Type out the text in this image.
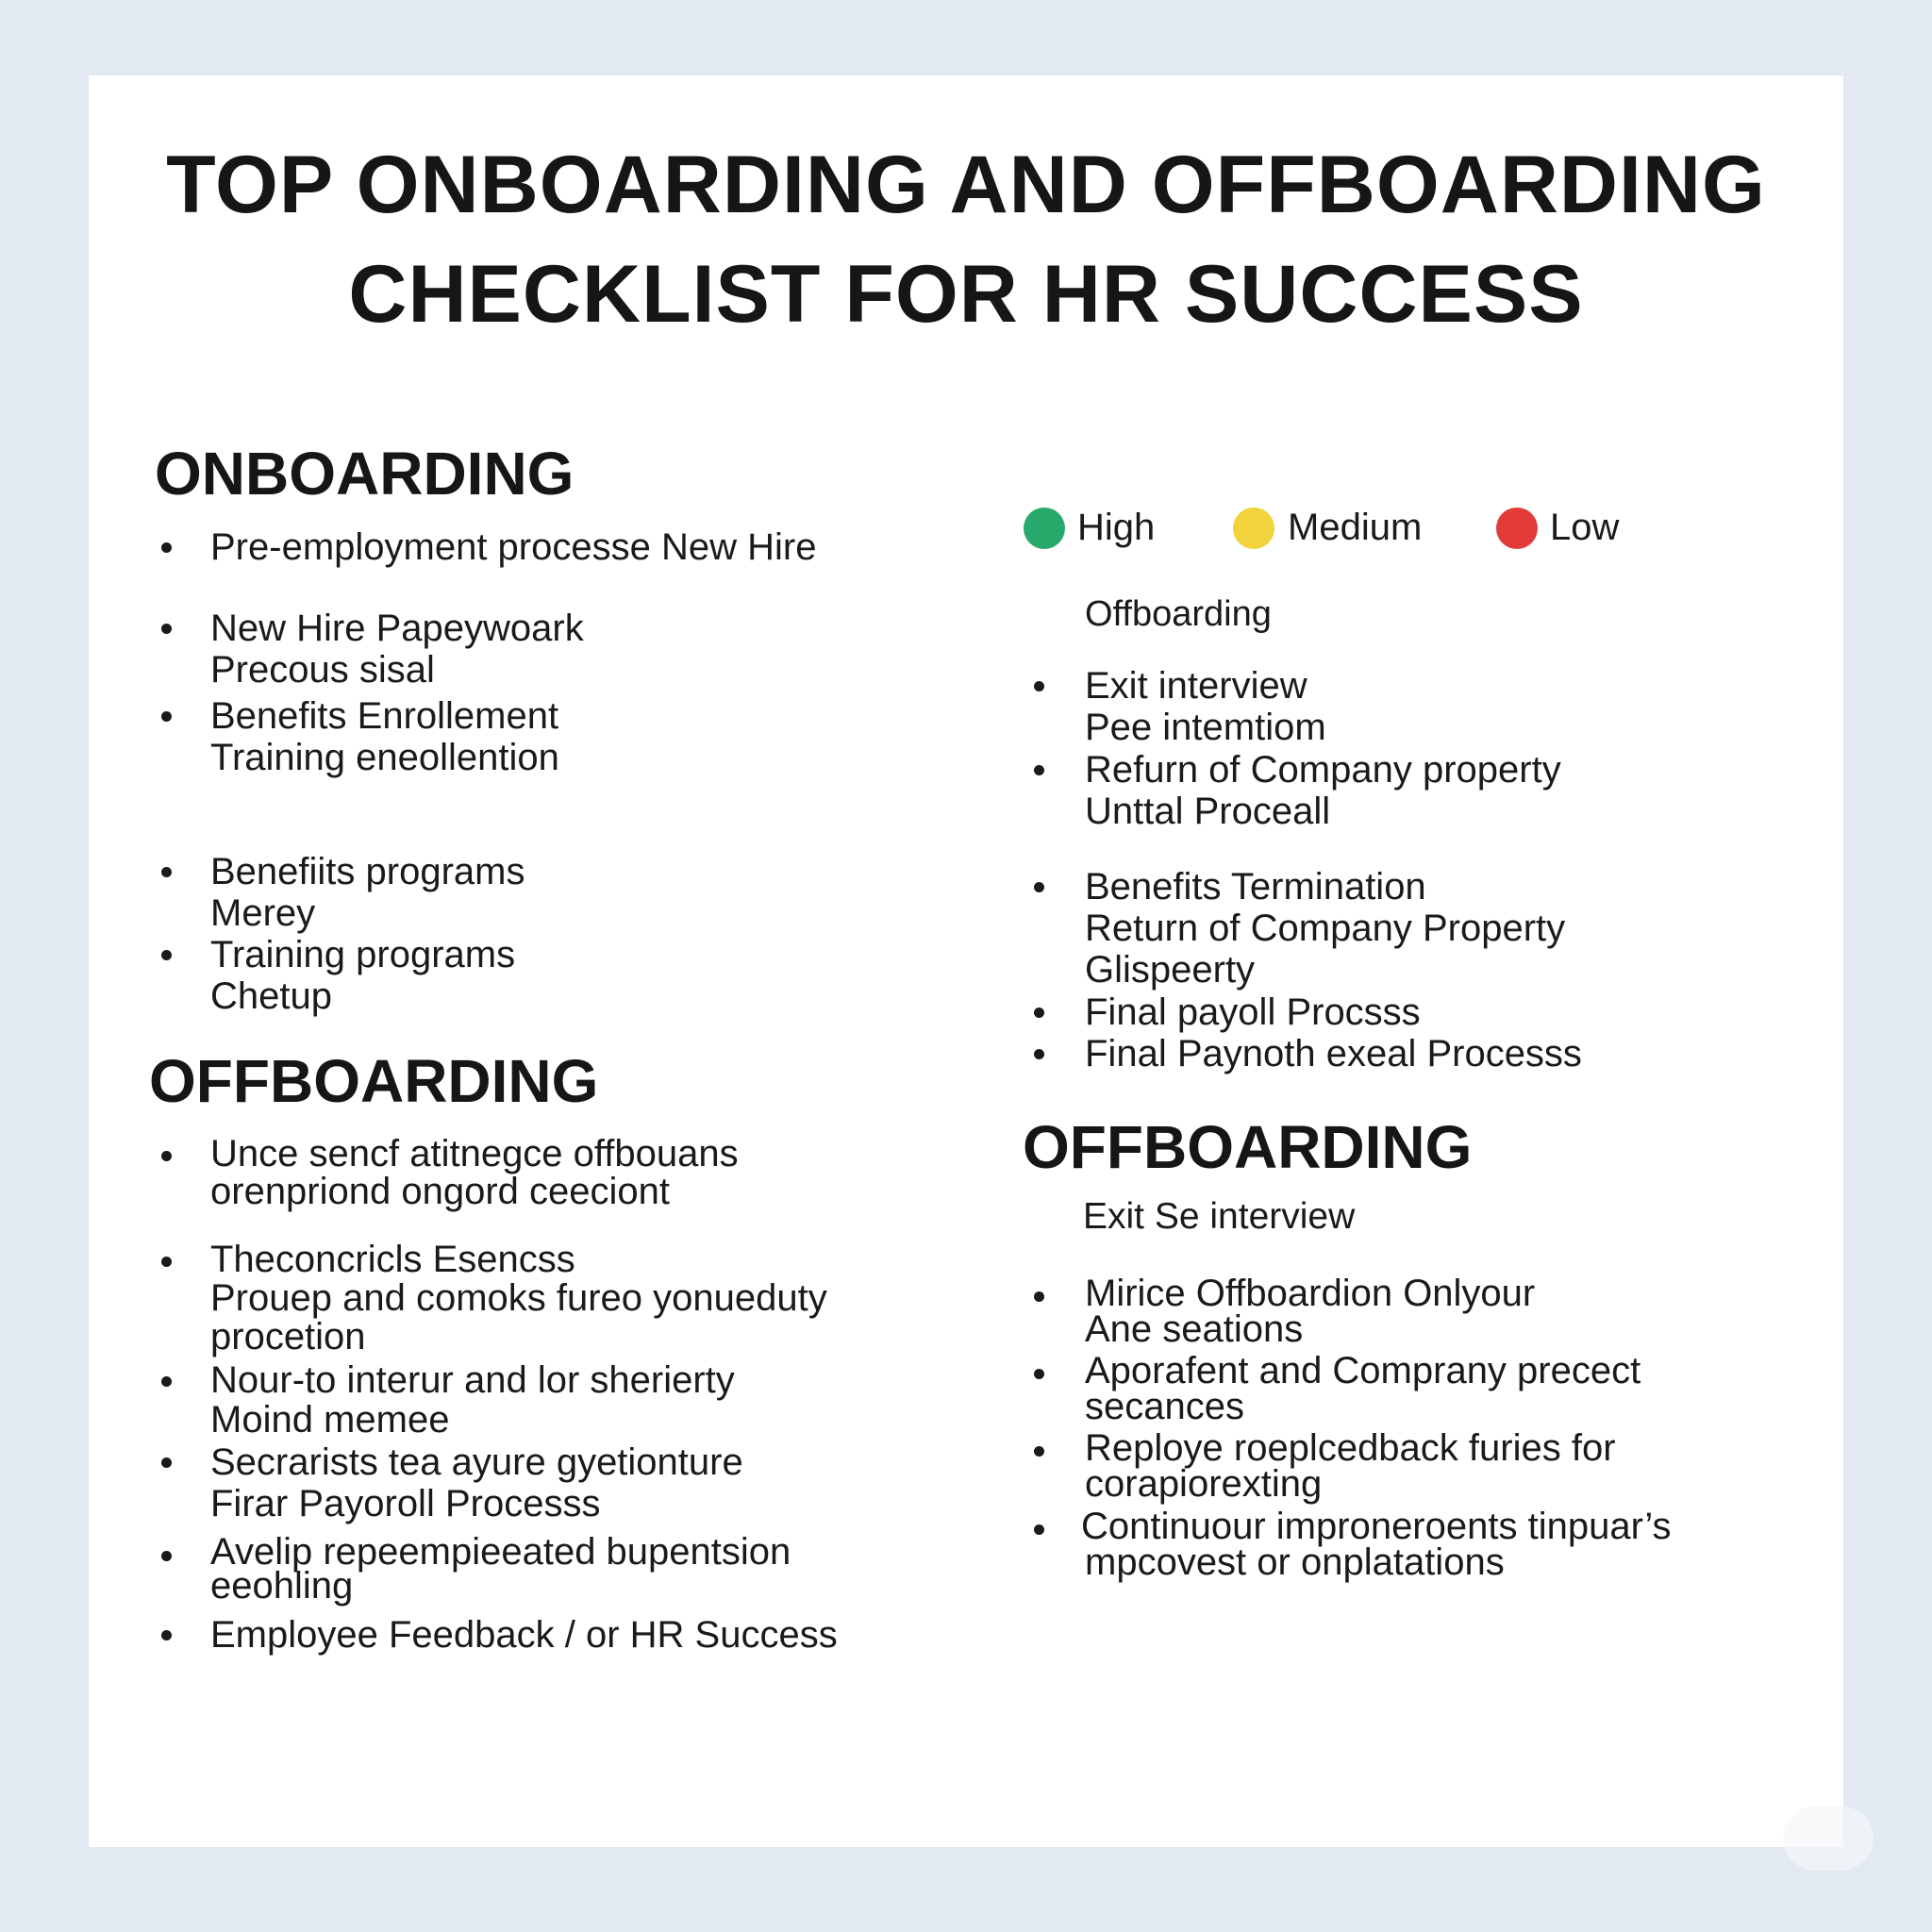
TOP ONBOARDING AND OFFBOARDING
CHECKLIST FOR HR SUCCESS
ONBOARDING
Pre-employment processe New Hire
New Hire Papeywoark
Precous sisal
Benefits Enrollement
Training eneollention
Benefiits programs
Merey
Training programs
Chetup
OFFBOARDING
Unce sencf atitnegce offbouans
orenpriond ongord ceeciont
Theconcricls Esencss
Prouep and comoks fureo yonueduty
procetion
Nour-to interur and lor sherierty
Moind memee
Secrarists tea ayure gyetionture
Firar Payoroll Processs
Avelip repeempieeated bupentsion
eeohling
Employee Feedback / or HR Success
High	Medium	Low
Offboarding
Exit interview
Pee intemtiom
Refurn of Company property
Unttal Proceall
Benefits Termination
Return of Company Property
Glispeerty
Final payoll Procsss
Final Paynoth exeal Processs
OFFBOARDING
Exit Se interview
Mirice Offboardion Onlyour
Ane seations
Aporafent and Comprany precect
secances
Reploye roeplcedback furies for
corapiorexting
Continuour improneroents tinpuar’s
mpcovest or onplatations
